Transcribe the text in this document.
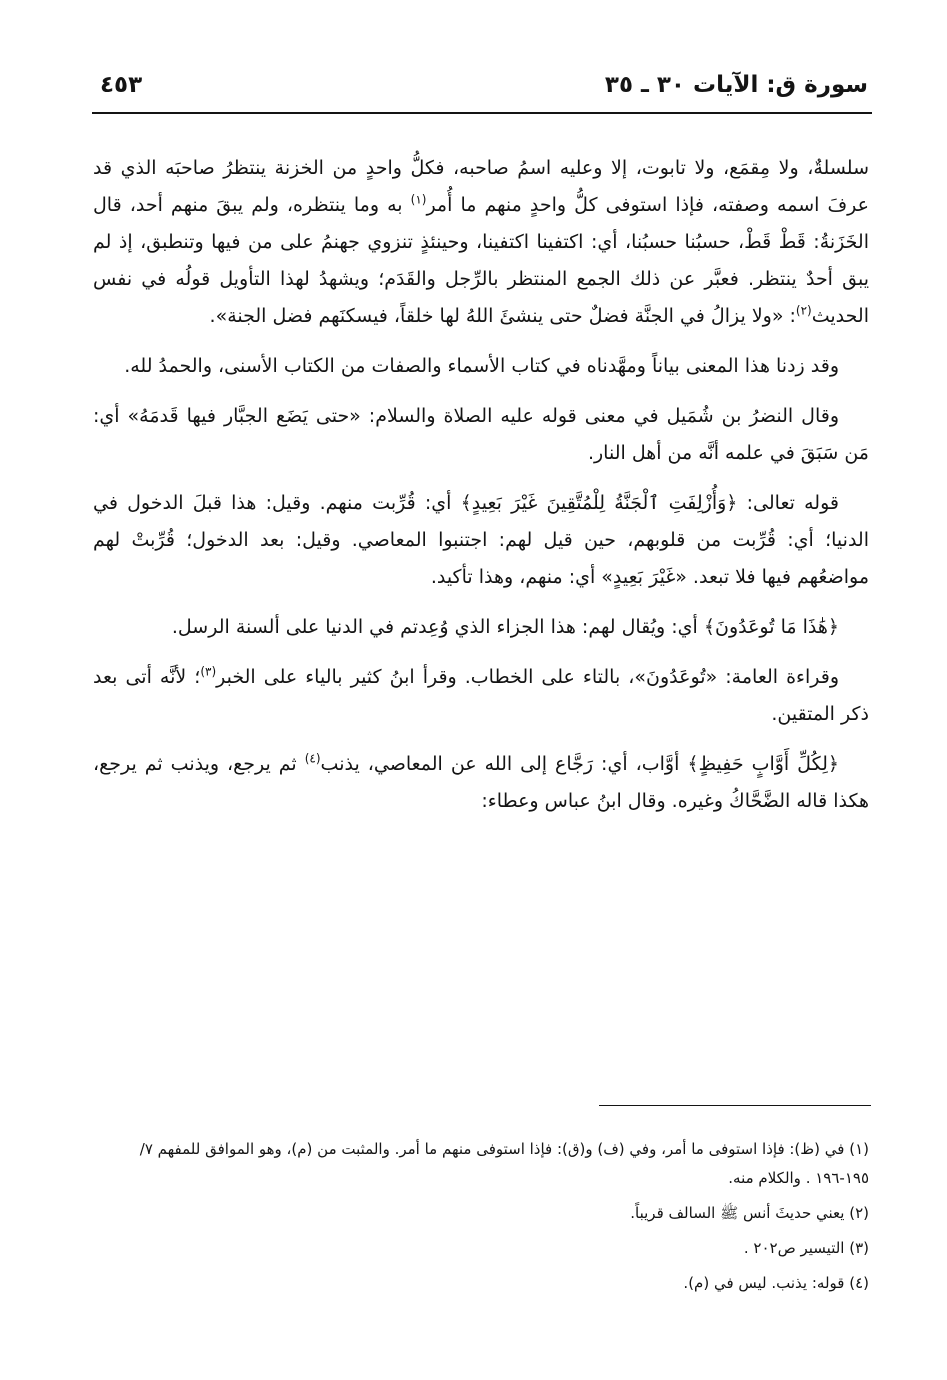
سورة ق: الآيات ٣٠ ـ ٣٥
٤٥٣

سلسلةٌ، ولا مِقمَع، ولا تابوت، إلا وعليه اسمُ صاحبه، فكلُّ واحدٍ من الخزنة ينتظرُ صاحبَه الذي قد عرفَ اسمه وصفته، فإذا استوفى كلُّ واحدٍ منهم ما أُمر$^{(١)}$ به وما ينتظره، ولم يبقَ منهم أحد، قال الخَزَنةُ: قَطْ قَطْ، حسبُنا حسبُنا، أي: اكتفينا اكتفينا، وحينئذٍ تنزوي جهنمُ على من فيها وتنطبق، إذ لم يبق أحدٌ ينتظر. فعبَّر عن ذلك الجمع المنتظر بالرِّجل والقَدَم؛ ويشهدُ لهذا التأويل قولُه في نفس الحديث$^{(٢)}$: «ولا يزالُ في الجنَّة فضلٌ حتى ينشئَ اللهُ لها خلقاً، فيسكنَهم فضل الجنة».

وقد زدنا هذا المعنى بياناً ومهَّدناه في كتاب الأسماء والصفات من الكتاب الأسنى، والحمدُ لله.

وقال النضرُ بن شُمَيل في معنى قوله عليه الصلاة والسلام: «حتى يَضَع الجبَّار فيها قَدمَهُ» أي: مَن سَبَقَ في علمه أنَّه من أهل النار.

قوله تعالى: ﴿وَأُزْلِفَتِ ٱلْجَنَّةُ لِلْمُتَّقِينَ غَيْرَ بَعِيدٍ﴾ أي: قُرِّبت منهم. وقيل: هذا قبلَ الدخول في الدنيا؛ أي: قُرِّبت من قلوبهم، حين قيل لهم: اجتنبوا المعاصي. وقيل: بعد الدخول؛ قُرِّبتْ لهم مواضعُهم فيها فلا تبعد. «غَيْرَ بَعِيدٍ» أي: منهم، وهذا تأكيد.

﴿هَٰذَا مَا تُوعَدُونَ﴾ أي: ويُقال لهم: هذا الجزاء الذي وُعِدتم في الدنيا على ألسنة الرسل.

وقراءة العامة: «تُوعَدُونَ»، بالتاء على الخطاب. وقرأ ابنُ كثير بالياء على الخبر$^{(٣)}$؛ لأنَّه أتى بعد ذكر المتقين.

﴿لِكُلِّ أَوَّابٍ حَفِيظٍ﴾ أوَّاب، أي: رَجَّاع إلى الله عن المعاصي، يذنب$^{(٤)}$ ثم يرجع، ويذنب ثم يرجع، هكذا قاله الضَّحَّاكُ وغيره. وقال ابنُ عباس وعطاء:

(١) في (ظ): فإذا استوفى ما أمر، وفي (ف) و(ق): فإذا استوفى منهم ما أمر. والمثبت من (م)، وهو الموافق للمفهم ٧/ ١٩٥-١٩٦ . والكلام منه.
(٢) يعني حديثَ أنس ﷺ السالف قريباً.
(٣) التيسير ص٢٠٢ .
(٤) قوله: يذنب. ليس في (م).
